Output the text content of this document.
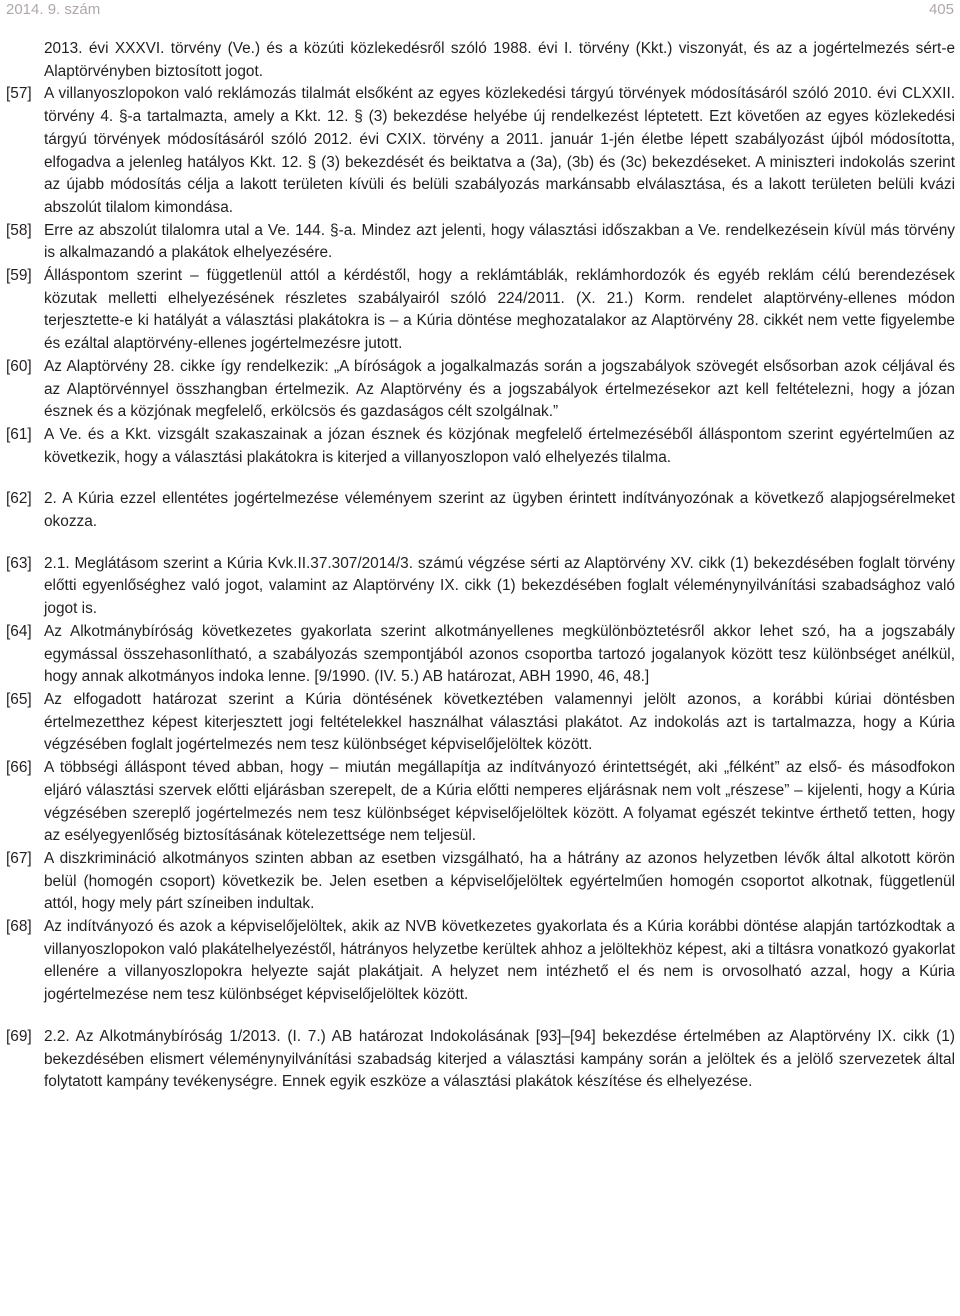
2014. 9. szám	405
2013. évi XXXVI. törvény (Ve.) és a közúti közlekedésről szóló 1988. évi I. törvény (Kkt.) viszonyát, és az a jogértelmezés sért-e Alaptörvényben biztosított jogot.
[57] A villanyoszlopokon való reklámozás tilalmát elsőként az egyes közlekedési tárgyú törvények módosításáról szóló 2010. évi CLXXII. törvény 4. §-a tartalmazta, amely a Kkt. 12. § (3) bekezdése helyébe új rendelkezést léptetett. Ezt követően az egyes közlekedési tárgyú törvények módosításáról szóló 2012. évi CXIX. törvény a 2011. január 1-jén életbe lépett szabályozást újból módosította, elfogadva a jelenleg hatályos Kkt. 12. § (3) bekezdését és beiktatva a (3a), (3b) és (3c) bekezdéseket. A miniszteri indokolás szerint az újabb módosítás célja a lakott területen kívüli és belüli szabályozás markánsabb elválasztása, és a lakott területen belüli kvázi abszolút tilalom kimondása.
[58] Erre az abszolút tilalomra utal a Ve. 144. §-a. Mindez azt jelenti, hogy választási időszakban a Ve. rendelkezésein kívül más törvény is alkalmazandó a plakátok elhelyezésére.
[59] Álláspontom szerint – függetlenül attól a kérdéstől, hogy a reklámtáblák, reklámhordozók és egyéb reklám célú berendezések közutak melletti elhelyezésének részletes szabályairól szóló 224/2011. (X. 21.) Korm. rendelet alaptörvény-ellenes módon terjesztette-e ki hatályát a választási plakátokra is – a Kúria döntése meghozatalakor az Alaptörvény 28. cikkét nem vette figyelembe és ezáltal alaptörvény-ellenes jogértelmezésre jutott.
[60] Az Alaptörvény 28. cikke így rendelkezik: „A bíróságok a jogalkalmazás során a jogszabályok szövegét elsősorban azok céljával és az Alaptörvénnyel összhangban értelmezik. Az Alaptörvény és a jogszabályok értelmezésekor azt kell feltételezni, hogy a józan észnek és a közjónak megfelelő, erkölcsös és gazdaságos célt szolgálnak.”
[61] A Ve. és a Kkt. vizsgált szakaszainak a józan észnek és közjónak megfelelő értelmezéséből álláspontom szerint egyértelműen az következik, hogy a választási plakátokra is kiterjed a villanyoszlopon való elhelyezés tilalma.
[62] 2. A Kúria ezzel ellentétes jogértelmezése véleményem szerint az ügyben érintett indítványozónak a következő alapjogsérelmeket okozza.
[63] 2.1. Meglátásom szerint a Kúria Kvk.II.37.307/2014/3. számú végzése sérti az Alaptörvény XV. cikk (1) bekezdésében foglalt törvény előtti egyenlőséghez való jogot, valamint az Alaptörvény IX. cikk (1) bekezdésében foglalt véleménynyilvánítási szabadsághoz való jogot is.
[64] Az Alkotmánybíróság következetes gyakorlata szerint alkotmányellenes megkülönböztetésről akkor lehet szó, ha a jogszabály egymással összehasonlítható, a szabályozás szempontjából azonos csoportba tartozó jogalanyok között tesz különbséget anélkül, hogy annak alkotmányos indoka lenne. [9/1990. (IV. 5.) AB határozat, ABH 1990, 46, 48.]
[65] Az elfogadott határozat szerint a Kúria döntésének következtében valamennyi jelölt azonos, a korábbi kúriai döntésben értelmezetthez képest kiterjesztett jogi feltételekkel használhat választási plakátot. Az indokolás azt is tartalmazza, hogy a Kúria végzésében foglalt jogértelmezés nem tesz különbséget képviselőjelöltek között.
[66] A többségi álláspont téved abban, hogy – miután megállapítja az indítványozó érintettségét, aki „félként” az első- és másodfokon eljáró választási szervek előtti eljárásban szerepelt, de a Kúria előtti nemperes eljárásnak nem volt „részese” – kijelenti, hogy a Kúria végzésében szereplő jogértelmezés nem tesz különbséget képviselőjelöltek között. A folyamat egészét tekintve érthető tetten, hogy az esélyegyenlőség biztosításának kötelezettsége nem teljesül.
[67] A diszkrimináció alkotmányos szinten abban az esetben vizsgálható, ha a hátrány az azonos helyzetben lévők által alkotott körön belül (homogén csoport) következik be. Jelen esetben a képviselőjelöltek egyértelműen homogén csoportot alkotnak, függetlenül attól, hogy mely párt színeiben indultak.
[68] Az indítványozó és azok a képviselőjelöltek, akik az NVB következetes gyakorlata és a Kúria korábbi döntése alapján tartózkodtak a villanyoszlopokon való plakátelhelyezéstől, hátrányos helyzetbe kerültek ahhoz a jelöltekhöz képest, aki a tiltásra vonatkozó gyakorlat ellenére a villanyoszlopokra helyezte saját plakátjait. A helyzet nem intézhető el és nem is orvosolható azzal, hogy a Kúria jogértelmezése nem tesz különbséget képviselőjelöltek között.
[69] 2.2. Az Alkotmánybíróság 1/2013. (I. 7.) AB határozat Indokolásának [93]–[94] bekezdése értelmében az Alaptörvény IX. cikk (1) bekezdésében elismert véleménynyilvánítási szabadság kiterjed a választási kampány során a jelöltek és a jelölő szervezetek által folytatott kampány tevékenységre. Ennek egyik eszköze a választási plakátok készítése és elhelyezése.
